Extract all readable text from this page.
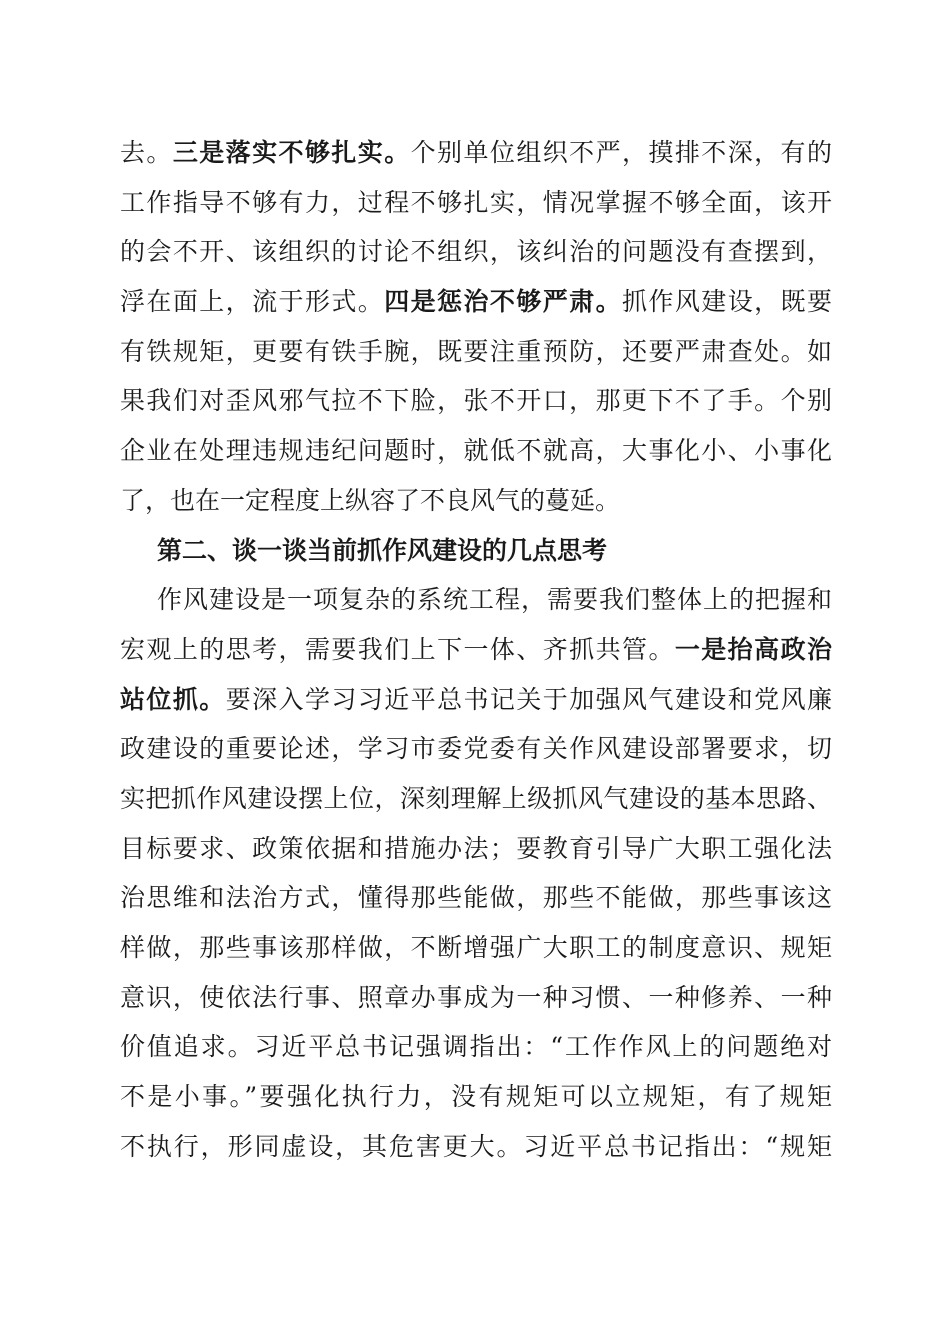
去。三是落实不够扎实。个别单位组织不严，摸排不深，有的
工作指导不够有力，过程不够扎实，情况掌握不够全面，该开
的会不开、该组织的讨论不组织，该纠治的问题没有查摆到，
浮在面上，流于形式。四是惩治不够严肃。抓作风建设，既要
有铁规矩，更要有铁手腕，既要注重预防，还要严肃查处。如
果我们对歪风邪气拉不下脸，张不开口，那更下不了手。个别
企业在处理违规违纪问题时，就低不就高，大事化小、小事化
了，也在一定程度上纵容了不良风气的蔓延。
第二、谈一谈当前抓作风建设的几点思考
作风建设是一项复杂的系统工程，需要我们整体上的把握和
宏观上的思考，需要我们上下一体、齐抓共管。一是抬高政治
站位抓。要深入学习习近平总书记关于加强风气建设和党风廉
政建设的重要论述，学习市委党委有关作风建设部署要求，切
实把抓作风建设摆上位，深刻理解上级抓风气建设的基本思路、
目标要求、政策依据和措施办法；要教育引导广大职工强化法
治思维和法治方式，懂得那些能做，那些不能做，那些事该这
样做，那些事该那样做，不断增强广大职工的制度意识、规矩
意识，使依法行事、照章办事成为一种习惯、一种修养、一种
价值追求。习近平总书记强调指出：“工作作风上的问题绝对
不是小事。”要强化执行力，没有规矩可以立规矩，有了规矩
不执行，形同虚设，其危害更大。习近平总书记指出：“规矩
